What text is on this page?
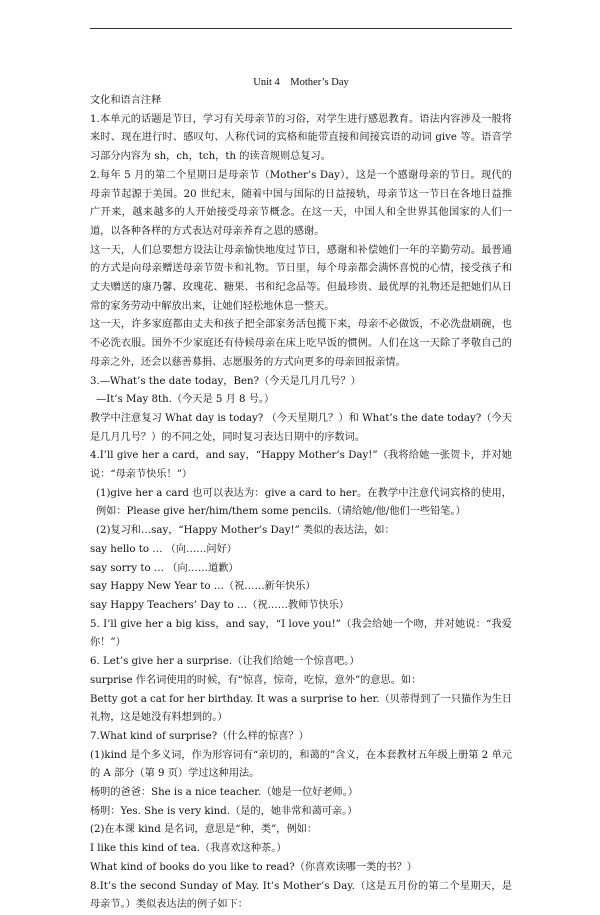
Unit 4　Mother’s Day

文化和语言注释

1.本单元的话题是节日，学习有关母亲节的习俗，对学生进行感恩教育。语法内容涉及一般将来时、现在进行时、感叹句、人称代词的宾格和能带直接和间接宾语的动词 give 等。语音学习部分内容为 sh，ch，tch，th 的读音规则总复习。

2.每年 5 月的第二个星期日是母亲节（Mother’s Day），这是一个感谢母亲的节日。现代的母亲节起源于美国。20 世纪末，随着中国与国际的日益接轨，母亲节这一节日在各地日益推广开来，越来越多的人开始接受母亲节概念。在这一天，中国人和全世界其他国家的人们一道，以各种各样的方式表达对母亲养育之恩的感谢。

这一天，人们总要想方设法让母亲愉快地度过节日，感谢和补偿她们一年的辛勤劳动。最普通的方式是向母亲赠送母亲节贺卡和礼物。节日里，每个母亲都会满怀喜悦的心情，接受孩子和丈夫赠送的康乃馨、玫瑰花、糖果、书和纪念品等。但最珍贵、最优厚的礼物还是把她们从日常的家务劳动中解放出来，让她们轻松地休息一整天。

这一天，许多家庭都由丈夫和孩子把全部家务活包揽下来，母亲不必做饭，不必洗盘刷碗，也不必洗衣服。国外不少家庭还有侍候母亲在床上吃早饭的惯例。人们在这一天除了孝敬自己的母亲之外，还会以慈善募捐、志愿服务的方式向更多的母亲回报亲情。

3.—What’s the date today，Ben?（今天是几月几号？）

—It’s May 8th.（今天是 5 月 8 号。）

教学中注意复习 What day is today? （今天星期几？）和 What’s the date today?（今天是几月几号？）的不同之处，同时复习表达日期中的序数词。

4.I’ll give her a card，and say，“Happy Mother’s Day!”（我将给她一张贺卡，并对她说：“母亲节快乐！”）

(1)give her a card 也可以表达为：give a card to her。在教学中注意代词宾格的使用，例如：Please give her/him/them some pencils.（请给她/他/他们一些铅笔。）

(2)复习和…say，“Happy Mother’s Day!” 类似的表达法，如：

say hello to … （向……问好）

say sorry to … （向……道歉）

say Happy New Year to …（祝……新年快乐）

say Happy Teachers’ Day to …（祝……教师节快乐）

5. I’ll give her a big kiss，and say，“I love you!”（我会给她一个吻，并对她说：“我爱你！”）

6. Let’s give her a surprise.（让我们给她一个惊喜吧。）

surprise 作名词使用的时候，有“惊喜，惊奇，吃惊，意外”的意思。如：

Betty got a cat for her birthday. It was a surprise to her.（贝蒂得到了一只猫作为生日礼物，这是她没有料想到的。）

7.What kind of surprise?（什么样的惊喜？）

(1)kind 是个多义词，作为形容词有“亲切的，和蔼的”含义，在本套教材五年级上册第 2 单元的 A 部分（第 9 页）学过这种用法。

杨明的爸爸：She is a nice teacher.（她是一位好老师。）

杨明：Yes. She is very kind.（是的，她非常和蔼可亲。）

(2)在本课 kind 是名词，意思是“种，类”，例如：

I like this kind of tea.（我喜欢这种茶。）

What kind of books do you like to read?（你喜欢读哪一类的书？）

8.It’s the second Sunday of May. It’s Mother’s Day.（这是五月份的第二个星期天，是母亲节。）类似表达法的例子如下：
